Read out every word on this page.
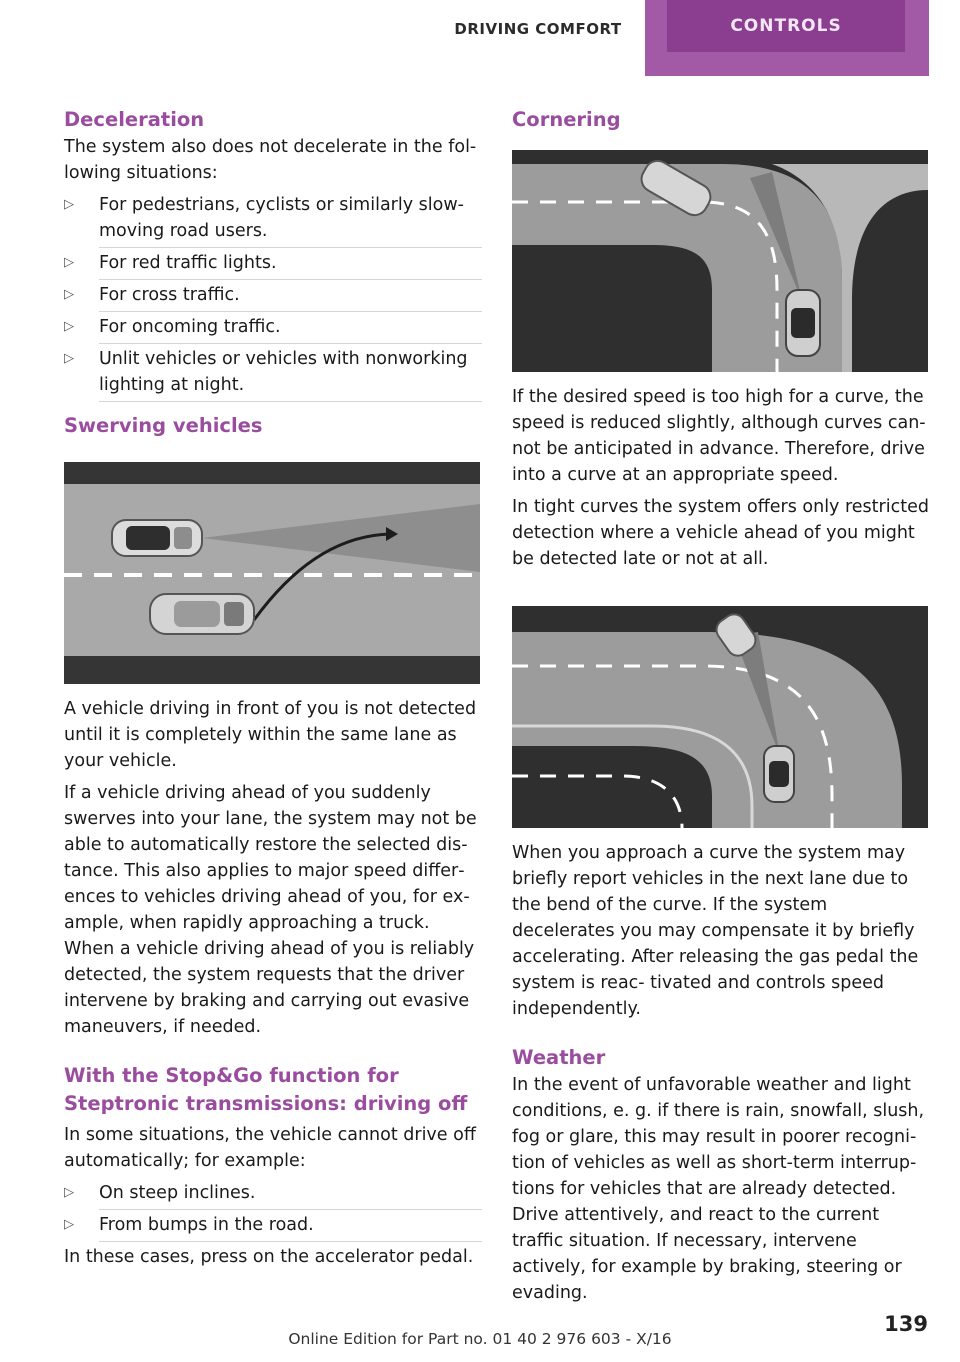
DRIVING COMFORT	CONTROLS
Deceleration

The system also does not decelerate in the fol‐ lowing situations:

▷ For pedestrians, cyclists or similarly slow-moving road users.
▷ For red traffic lights.
▷ For cross traffic.
▷ For oncoming traffic.
▷ Unlit vehicles or vehicles with nonworking lighting at night.
Swerving vehicles

A vehicle driving in front of you is not detected until it is completely within the same lane as your vehicle.

If a vehicle driving ahead of you suddenly swerves into your lane, the system may not be able to automatically restore the selected dis‐ tance. This also applies to major speed differ‐ ences to vehicles driving ahead of you, for ex‐ ample, when rapidly approaching a truck. When a vehicle driving ahead of you is reliably detected, the system requests that the driver intervene by braking and carrying out evasive maneuvers, if needed.

With the Stop&Go function for Steptronic transmissions: driving off

In some situations, the vehicle cannot drive off automatically; for example:

▷ On steep inclines.
▷ From bumps in the road.

In these cases, press on the accelerator pedal.

Cornering

If the desired speed is too high for a curve, the speed is reduced slightly, although curves can‐ not be anticipated in advance. Therefore, drive into a curve at an appropriate speed.

In tight curves the system offers only restricted detection where a vehicle ahead of you might be detected late or not at all.

When you approach a curve the system may briefly report vehicles in the next lane due to the bend of the curve. If the system decelerates you may compensate it by briefly accelerating. After releasing the gas pedal the system is reac‐ tivated and controls speed independently.

Weather

In the event of unfavorable weather and light conditions, e. g. if there is rain, snowfall, slush, fog or glare, this may result in poorer recogni‐ tion of vehicles as well as short-term interrup‐ tions for vehicles that are already detected. Drive attentively, and react to the current traffic situation. If necessary, intervene actively, for example by braking, steering or evading.

139
Online Edition for Part no. 01 40 2 976 603 - X/16
